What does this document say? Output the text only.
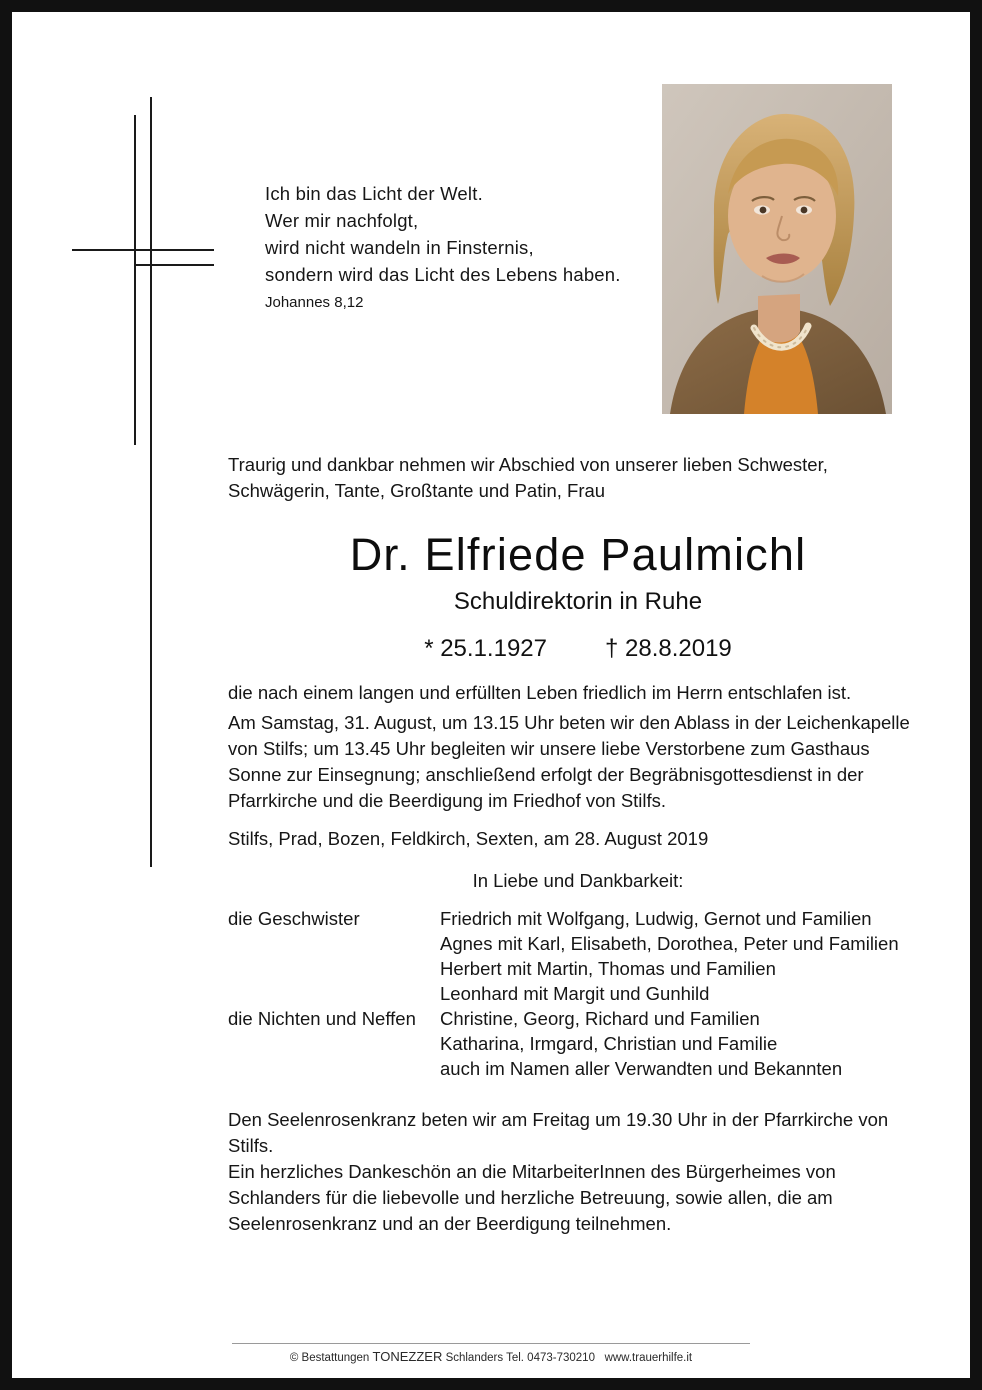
Ich bin das Licht der Welt.
Wer mir nachfolgt,
wird nicht wandeln in Finsternis,
sondern wird das Licht des Lebens haben.
Johannes 8,12
Traurig und dankbar nehmen wir Abschied von unserer lieben Schwester, Schwägerin, Tante, Großtante und Patin, Frau
Dr. Elfriede Paulmichl
Schuldirektorin in Ruhe
* 25.1.1927 † 28.8.2019
die nach einem langen und erfüllten Leben friedlich im Herrn entschlafen ist.
Am Samstag, 31. August, um 13.15 Uhr beten wir den Ablass in der Leichenkapelle von Stilfs; um 13.45 Uhr begleiten wir unsere liebe Verstorbene zum Gasthaus Sonne zur Einsegnung; anschließend erfolgt der Begräbnisgottesdienst in der Pfarrkirche und die Beerdigung im Friedhof von Stilfs.
Stilfs, Prad, Bozen, Feldkirch, Sexten, am 28. August 2019
In Liebe und Dankbarkeit:
die Geschwister	Friedrich mit Wolfgang, Ludwig, Gernot und Familien
Agnes mit Karl, Elisabeth, Dorothea, Peter und Familien
Herbert mit Martin, Thomas und Familien
Leonhard mit Margit und Gunhild
die Nichten und Neffen	Christine, Georg, Richard und Familien
Katharina, Irmgard, Christian und Familie
auch im Namen aller Verwandten und Bekannten
Den Seelenrosenkranz beten wir am Freitag um 19.30 Uhr in der Pfarrkirche von Stilfs.
Ein herzliches Dankeschön an die MitarbeiterInnen des Bürgerheimes von Schlanders für die liebevolle und herzliche Betreuung, sowie allen, die am Seelenrosenkranz und an der Beerdigung teilnehmen.
© Bestattungen TONEZZER Schlanders Tel. 0473-730210 www.trauerhilfe.it
